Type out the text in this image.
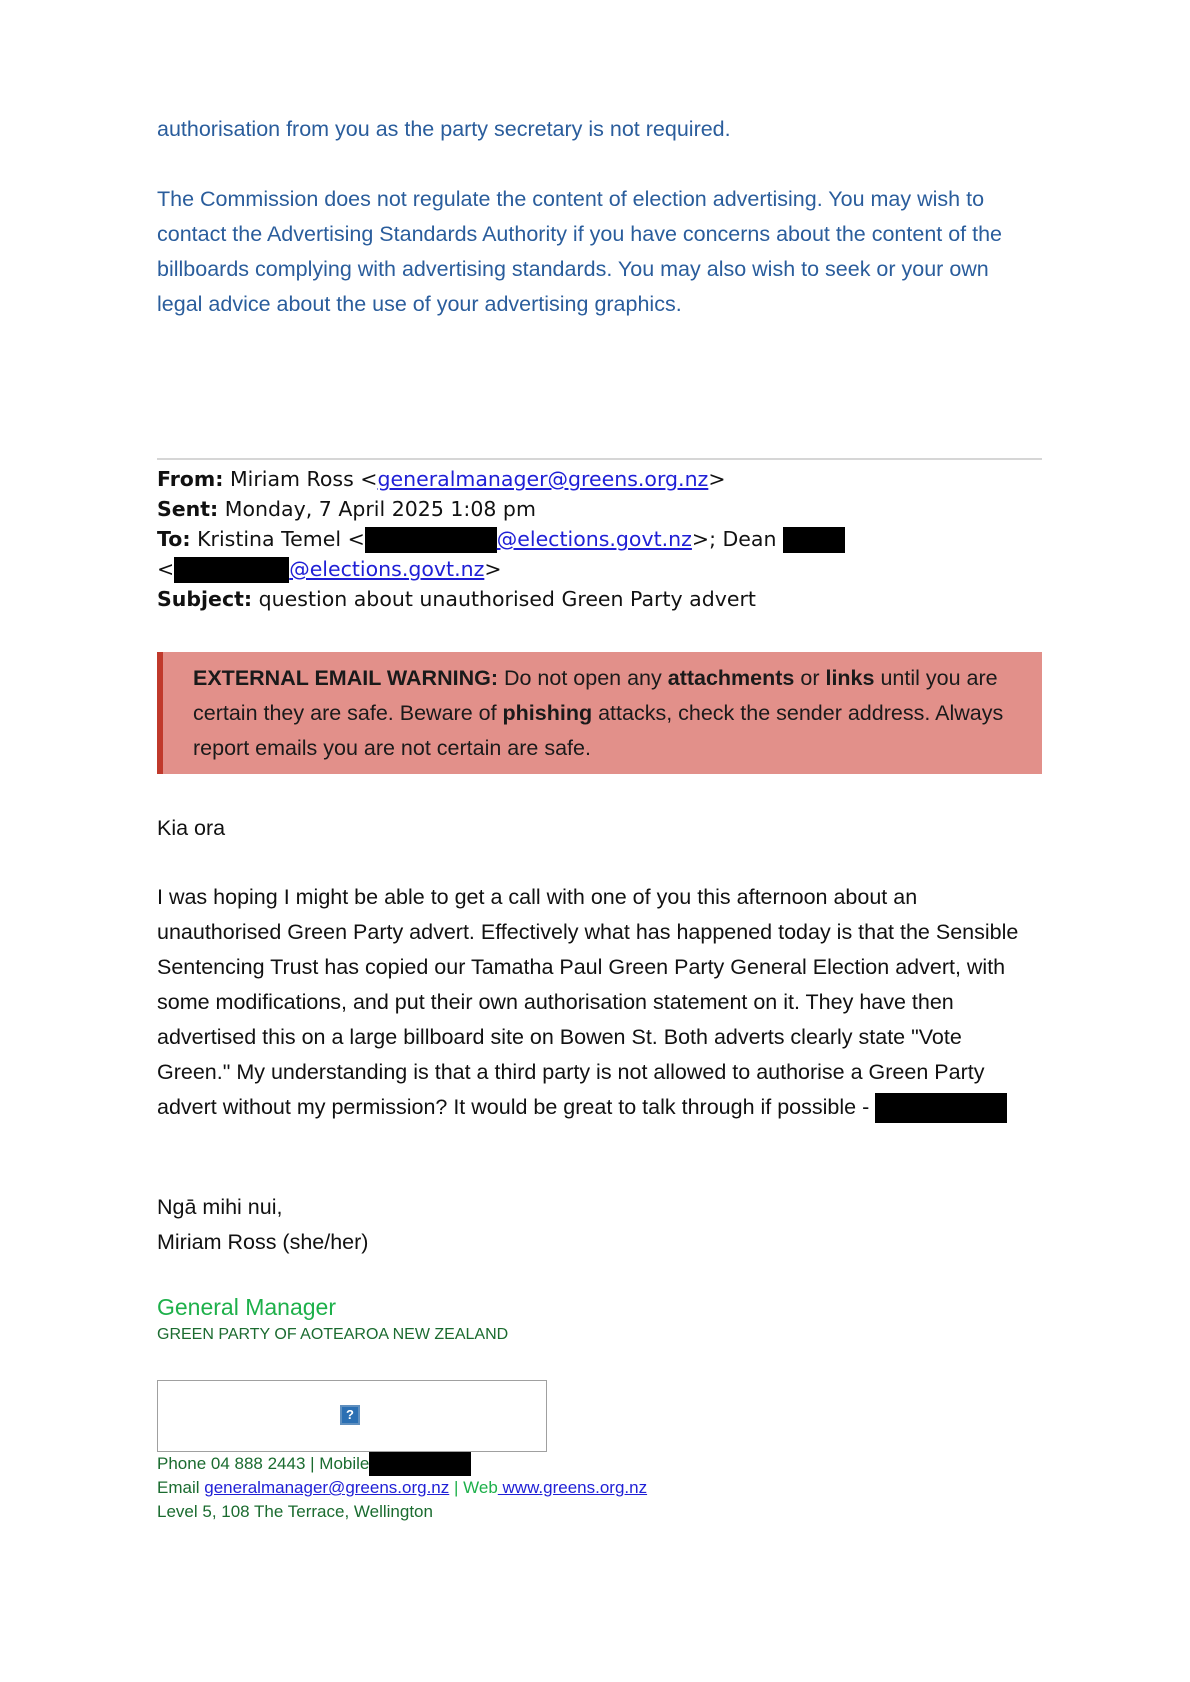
authorisation from you as the party secretary is not required.
The Commission does not regulate the content of election advertising. You may wish to contact the Advertising Standards Authority if you have concerns about the content of the billboards complying with advertising standards. You may also wish to seek or your own legal advice about the use of your advertising graphics.
From: Miriam Ross <generalmanager@greens.org.nz>
Sent: Monday, 7 April 2025 1:08 pm
To: Kristina Temel <	@elections.govt.nz>; Dean
<	@elections.govt.nz>
Subject: question about unauthorised Green Party advert
EXTERNAL EMAIL WARNING: Do not open any attachments or links until you are certain they are safe. Beware of phishing attacks, check the sender address. Always report emails you are not certain are safe.
Kia ora
I was hoping I might be able to get a call with one of you this afternoon about an unauthorised Green Party advert. Effectively what has happened today is that the Sensible Sentencing Trust has copied our Tamatha Paul Green Party General Election advert, with some modifications, and put their own authorisation statement on it. They have then advertised this on a large billboard site on Bowen St. Both adverts clearly state "Vote Green." My understanding is that a third party is not allowed to authorise a Green Party advert without my permission? It would be great to talk through if possible -
Ngā mihi nui,
Miriam Ross (she/her)
General Manager
GREEN PARTY OF AOTEAROA NEW ZEALAND
?
Phone 04 888 2443 | Mobile
Email generalmanager@greens.org.nz | Web www.greens.org.nz
Level 5, 108 The Terrace, Wellington
